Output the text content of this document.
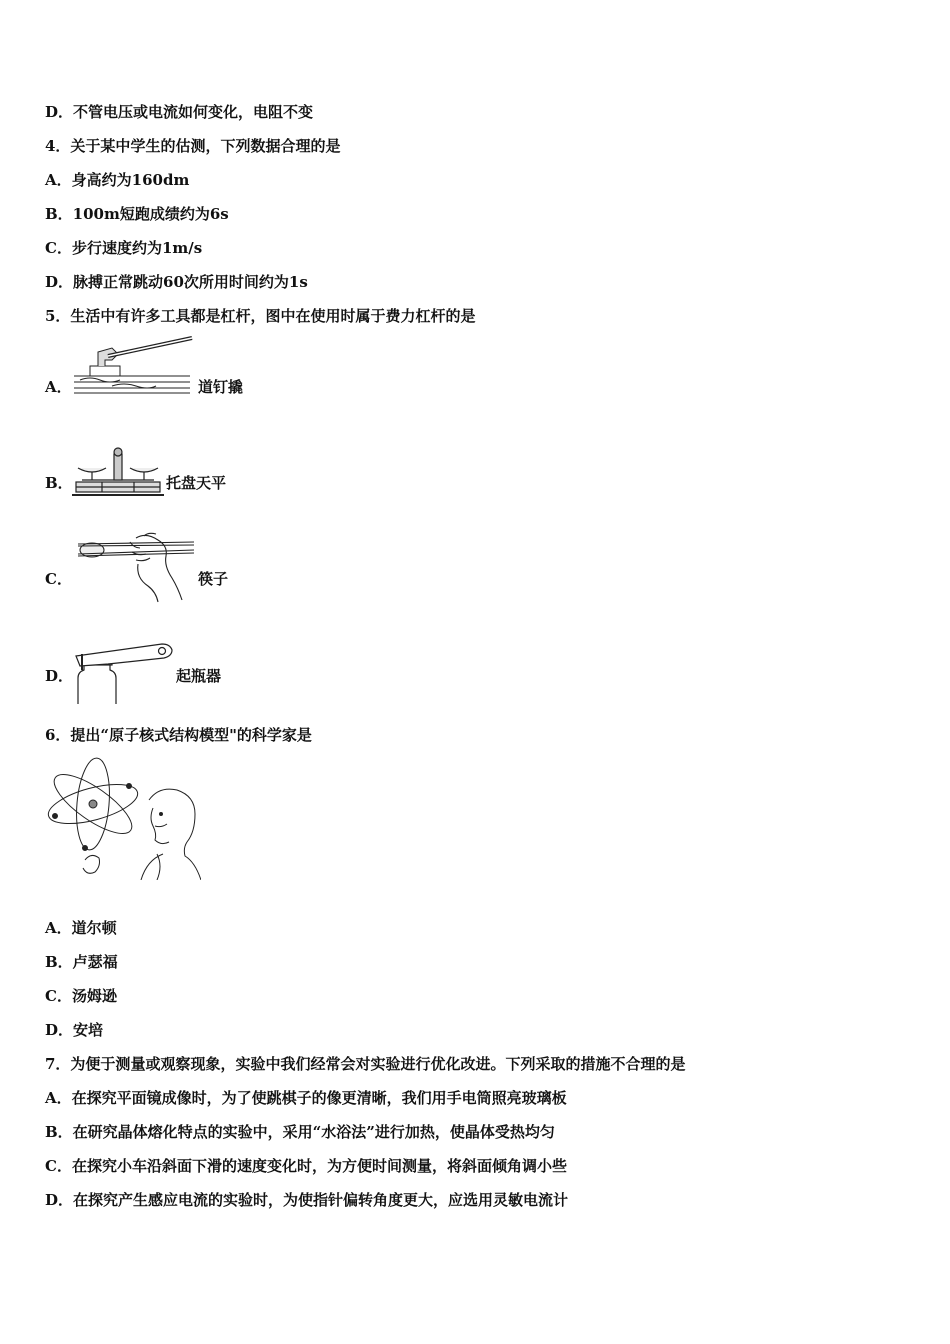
D．不管电压或电流如何变化，电阻不变
4．关于某中学生的估测，下列数据合理的是
A．身高约为160dm
B．100m短跑成绩约为6s
C．步行速度约为1m/s
D．脉搏正常跳动60次所用时间约为1s
5．生活中有许多工具都是杠杆，图中在使用时属于费力杠杆的是
A．	道钉撬
B．	托盘天平
C．	筷子
D．	起瓶器
6．提出“原子核式结构模型"的科学家是
A．道尔顿
B．卢瑟福
C．汤姆逊
D．安培
7．为便于测量或观察现象，实验中我们经常会对实验进行优化改进。下列采取的措施不合理的是
A．在探究平面镜成像时，为了使跳棋子的像更清晰，我们用手电筒照亮玻璃板
B．在研究晶体熔化特点的实验中，采用“水浴法”进行加热，使晶体受热均匀
C．在探究小车沿斜面下滑的速度变化时，为方便时间测量，将斜面倾角调小些
D．在探究产生感应电流的实验时，为使指针偏转角度更大，应选用灵敏电流计
